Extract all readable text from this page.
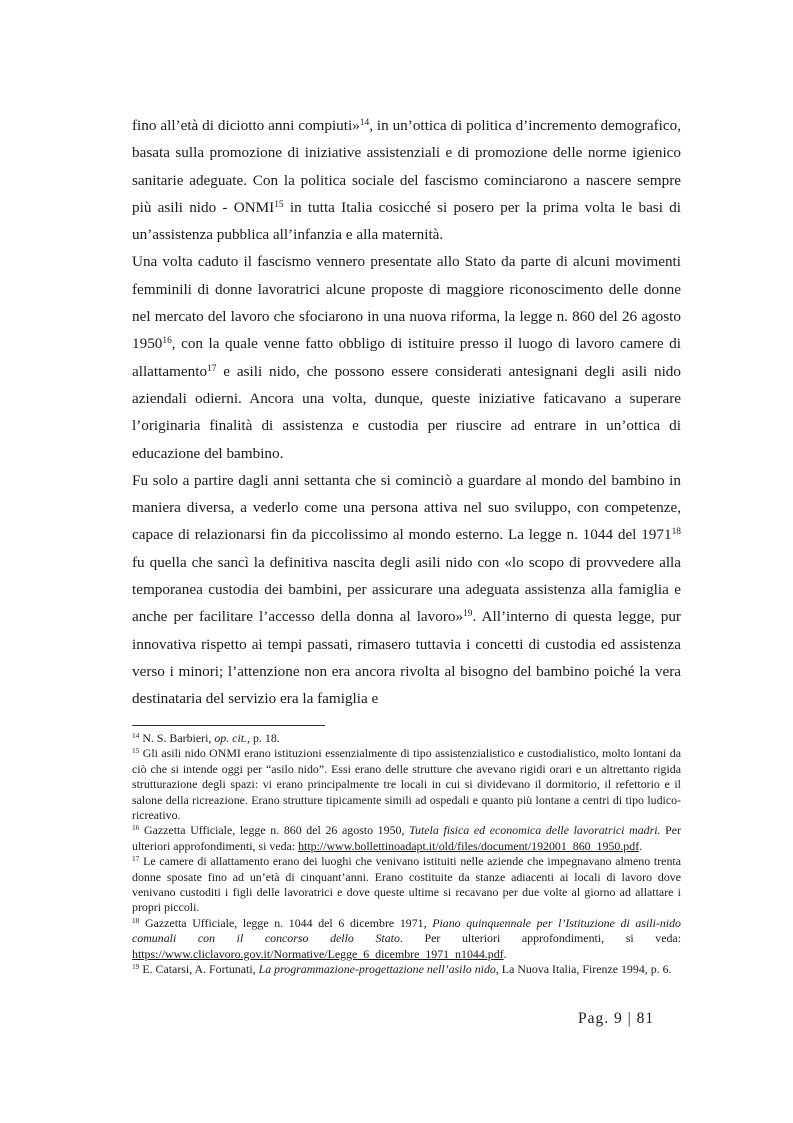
fino all’età di diciotto anni compiuti»$^{14}$, in un’ottica di politica d’incremento demografico, basata sulla promozione di iniziative assistenziali e di promozione delle norme igienico sanitarie adeguate. Con la politica sociale del fascismo cominciarono a nascere sempre più asili nido - ONMI$^{15}$ in tutta Italia cosicché si posero per la prima volta le basi di un’assistenza pubblica all’infanzia e alla maternità.

Una volta caduto il fascismo vennero presentate allo Stato da parte di alcuni movimenti femminili di donne lavoratrici alcune proposte di maggiore riconoscimento delle donne nel mercato del lavoro che sfociarono in una nuova riforma, la legge n. 860 del 26 agosto 1950$^{16}$, con la quale venne fatto obbligo di istituire presso il luogo di lavoro camere di allattamento$^{17}$ e asili nido, che possono essere considerati antesignani degli asili nido aziendali odierni. Ancora una volta, dunque, queste iniziative faticavano a superare l’originaria finalità di assistenza e custodia per riuscire ad entrare in un’ottica di educazione del bambino.

Fu solo a partire dagli anni settanta che si cominciò a guardare al mondo del bambino in maniera diversa, a vederlo come una persona attiva nel suo sviluppo, con competenze, capace di relazionarsi fin da piccolissimo al mondo esterno. La legge n. 1044 del 1971$^{18}$ fu quella che sancì la definitiva nascita degli asili nido con «lo scopo di provvedere alla temporanea custodia dei bambini, per assicurare una adeguata assistenza alla famiglia e anche per facilitare l’accesso della donna al lavoro»$^{19}$. All’interno di questa legge, pur innovativa rispetto ai tempi passati, rimasero tuttavia i concetti di custodia ed assistenza verso i minori; l’attenzione non era ancora rivolta al bisogno del bambino poiché la vera destinataria del servizio era la famiglia e

$^{14}$ N. S. Barbieri, op. cit., p. 18.

$^{15}$ Gli asili nido ONMI erano istituzioni essenzialmente di tipo assistenzialistico e custodialistico, molto lontani da ciò che si intende oggi per “asilo nido”. Essi erano delle strutture che avevano rigidi orari e un altrettanto rigida strutturazione degli spazi: vi erano principalmente tre locali in cui si dividevano il dormitorio, il refettorio e il salone della ricreazione. Erano strutture tipicamente simili ad ospedali e quanto più lontane a centri di tipo ludico-ricreativo.

$^{16}$ Gazzetta Ufficiale, legge n. 860 del 26 agosto 1950, Tutela fisica ed economica delle lavoratrici madri. Per ulteriori approfondimenti, si veda: http://www.bollettinoadapt.it/old/files/document/192001_860_1950.pdf.

$^{17}$ Le camere di allattamento erano dei luoghi che venivano istituiti nelle aziende che impegnavano almeno trenta donne sposate fino ad un’età di cinquant’anni. Erano costituite da stanze adiacenti ai locali di lavoro dove venivano custoditi i figli delle lavoratrici e dove queste ultime si recavano per due volte al giorno ad allattare i propri piccoli.

$^{18}$ Gazzetta Ufficiale, legge n. 1044 del 6 dicembre 1971, Piano quinquennale per l’Istituzione di asili-nido comunali con il concorso dello Stato. Per ulteriori approfondimenti, si veda: https://www.cliclavoro.gov.it/Normative/Legge_6_dicembre_1971_n1044.pdf.

$^{19}$ E. Catarsi, A. Fortunati, La programmazione-progettazione nell’asilo nido, La Nuova Italia, Firenze 1994, p. 6.

Pag. 9 | 81
